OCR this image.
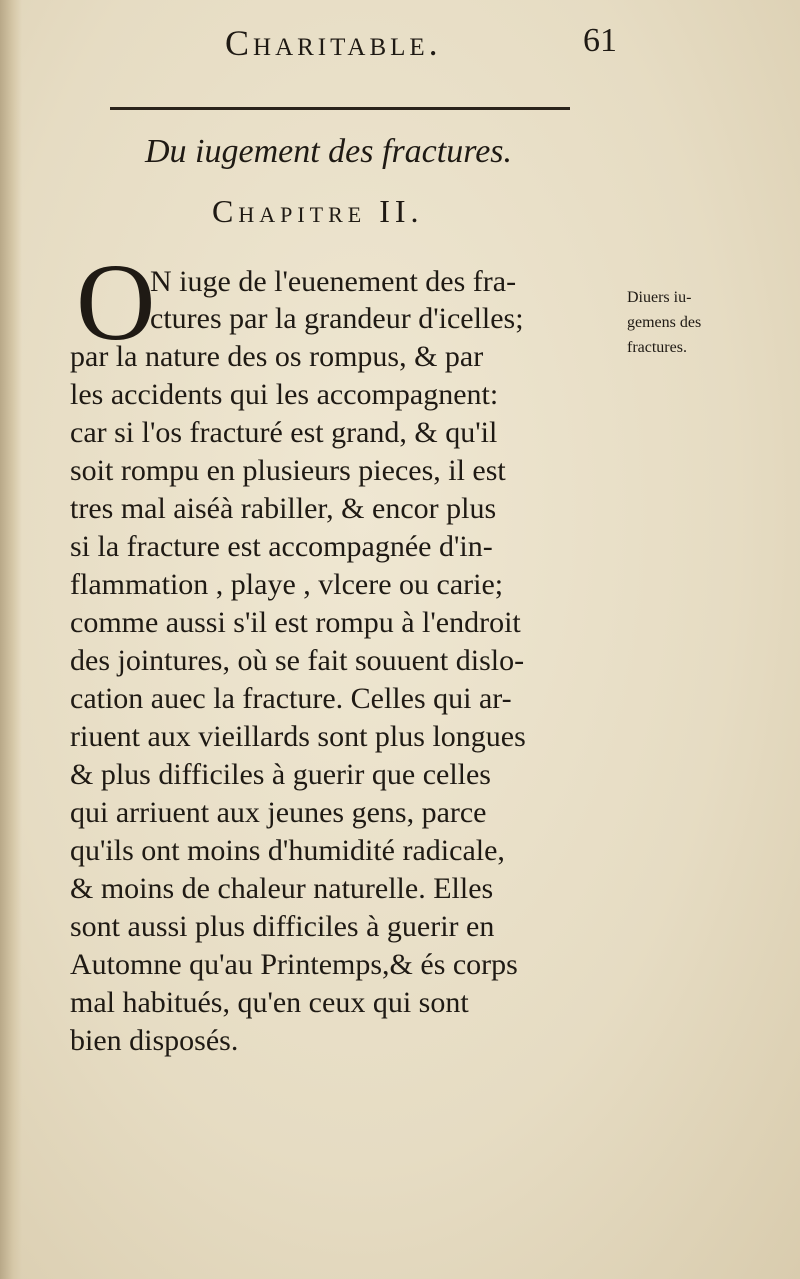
Charitable.	61
Du iugement des fractures.
Chapitre II.
O
N iuge de l'euenement des fra-
ctures par la grandeur d'icelles;
par la nature des os rompus, & par
les accidents qui les accompagnent:
car si l'os fracturé est grand, & qu'il
soit rompu en plusieurs pieces, il est
tres mal aiséà rabiller, & encor plus
si la fracture est accompagnée d'in-
flammation , playe , vlcere ou carie;
comme aussi s'il est rompu à l'endroit
des jointures, où se fait souuent dislo-
cation auec la fracture. Celles qui ar-
riuent aux vieillards sont plus longues
& plus difficiles à guerir que celles
qui arriuent aux jeunes gens, parce
qu'ils ont moins d'humidité radicale,
& moins de chaleur naturelle. Elles
sont aussi plus difficiles à guerir en
Automne qu'au Printemps,& és corps
mal habitués, qu'en ceux qui sont
bien disposés.
Diuers iu-
gemens des
fractures.
